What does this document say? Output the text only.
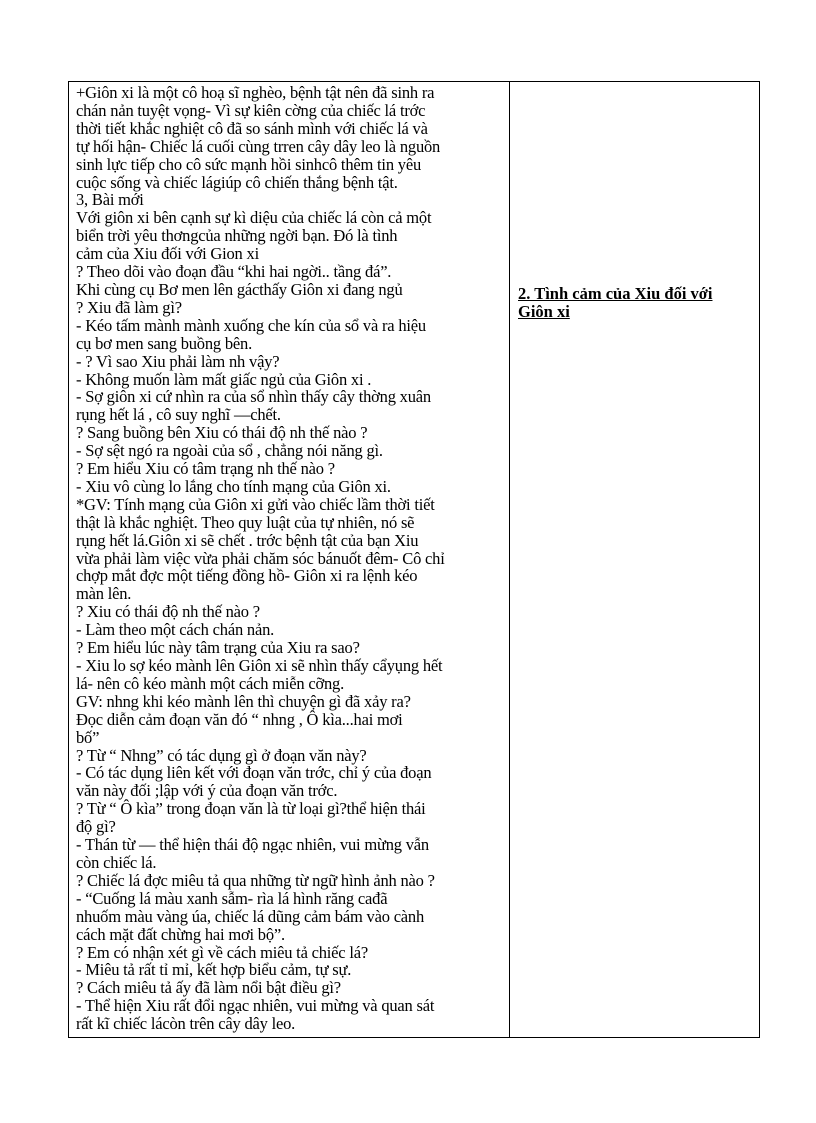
+Giôn xi là một cô hoạ sĩ nghèo, bệnh tật nên đã sinh ra
chán nản tuyệt vọng- Vì sự kiên cờng của chiếc lá trớc
thời tiết khắc nghiệt cô đã so sánh mình với chiếc lá và
tự hối hận- Chiếc lá cuối cùng trren cây dây leo là nguồn
sinh lực tiếp cho cô sức mạnh hồi sinhcô thêm tin yêu
cuộc sống và chiếc lágiúp cô chiến thắng bệnh tật.
3, Bài mới
Với giôn xi bên cạnh sự kì diệu của chiếc lá còn cả một
biển trời yêu thơngcủa những ngời bạn. Đó là tình
cảm của Xiu đối với Gion xi
? Theo dõi vào đoạn đầu “khi hai ngời.. tầng đá”.
Khi cùng cụ Bơ men lên gácthấy Giôn xi đang ngủ
? Xiu đã làm gì?
- Kéo tấm mành mành xuống che kín của sổ và ra hiệu
cụ bơ men sang buồng bên.
- ? Vì sao Xiu phải làm nh vậy?
- Không muốn làm mất giấc ngủ của Giôn xi .
- Sợ giôn xi cứ nhìn ra của sổ nhìn thấy cây thờng xuân
rụng hết lá , cô suy nghĩ —chết.
? Sang buồng bên Xiu có thái độ nh thế nào ?
- Sợ sệt ngó ra ngoài của sổ , chẳng nói năng gì.
? Em hiểu Xiu có tâm trạng nh thế nào ?
- Xiu vô cùng lo lắng cho tính mạng của Giôn xi.
*GV: Tính mạng của Giôn xi gửi vào chiếc lầm thời tiết
thật là khắc nghiệt. Theo quy luật của tự nhiên, nó sẽ
rụng hết lá.Giôn xi sẽ chết . trớc bệnh tật của bạn Xiu
vừa phải làm việc vừa phải chăm sóc bánuốt đêm- Cô chỉ
chợp mắt đợc một tiếng đồng hồ- Giôn xi ra lệnh kéo
màn lên.
? Xiu có thái độ nh thế nào ?
- Làm theo một cách chán nản.
? Em hiểu lúc này tâm trạng của Xiu ra sao?
- Xiu lo sợ kéo mành lên Giôn xi sẽ nhìn thấy cẩyụng hết
lá- nên cô kéo mành một cách miễn cỡng.
GV: nhng khi kéo mành lên thì chuyện gì đã xảy ra?
Đọc diễn cảm đoạn văn đó “ nhng , Ô kìa...hai mơi
bố”
? Từ “ Nhng” có tác dụng gì ở đoạn văn này?
- Có tác dụng liên kết với đoạn văn trớc, chỉ ý của đoạn
văn này đối ;lập với ý của đoạn văn trớc.
? Từ “ Ô kìa” trong đoạn văn là từ loại gì?thể hiện thái
độ gì?
- Thán từ — thể hiện thái độ ngạc nhiên, vui mừng vẫn
còn chiếc lá.
? Chiếc lá đợc miêu tả qua những từ ngữ hình ảnh nào ?
- “Cuống lá màu xanh sẫm- rìa lá hình răng cađã
nhuốm màu vàng úa, chiếc lá dũng cảm bám vào cành
cách mặt đất chừng hai mơi bộ”.
? Em có nhận xét gì về cách miêu tả chiếc lá?
- Miêu tả rất tỉ mỉ, kết hợp biểu cảm, tự sự.
? Cách miêu tả ấy đã làm nổi bật điều gì?
- Thể hiện Xiu rất đổi ngạc nhiên, vui mừng và quan sát
rất kĩ chiếc lácòn trên cây dây leo.
2. Tình cảm của Xiu đối với
Giôn xi
